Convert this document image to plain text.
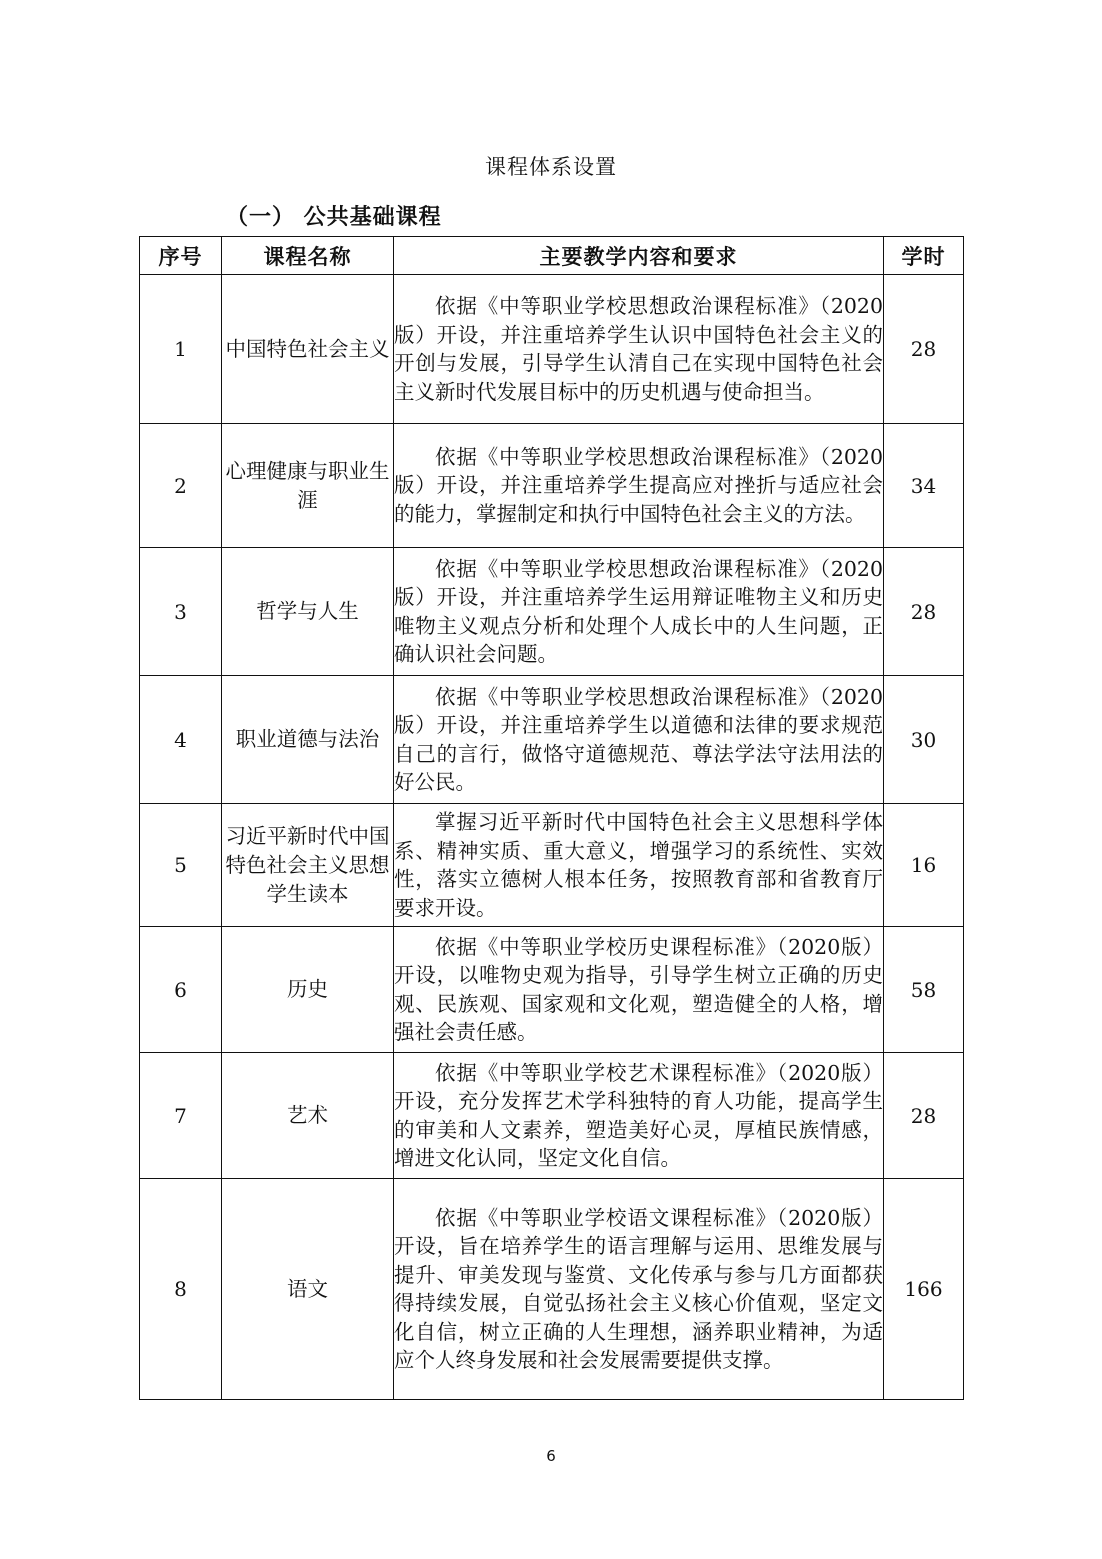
课程体系设置
（一） 公共基础课程
序号	课程名称	主要教学内容和要求	学时
1	中国特色社会主义	依据《中等职业学校思想政治课程标准》（2020版）开设，并注重培养学生认识中国特色社会主义的开创与发展，引导学生认清自己在实现中国特色社会主义新时代发展目标中的历史机遇与使命担当。	28
2	心理健康与职业生涯	依据《中等职业学校思想政治课程标准》（2020版）开设，并注重培养学生提高应对挫折与适应社会的能力，掌握制定和执行中国特色社会主义的方法。	34
3	哲学与人生	依据《中等职业学校思想政治课程标准》（2020版）开设，并注重培养学生运用辩证唯物主义和历史唯物主义观点分析和处理个人成长中的人生问题，正确认识社会问题。	28
4	职业道德与法治	依据《中等职业学校思想政治课程标准》（2020版）开设，并注重培养学生以道德和法律的要求规范自己的言行，做恪守道德规范、尊法学法守法用法的好公民。	30
5	习近平新时代中国特色社会主义思想学生读本	掌握习近平新时代中国特色社会主义思想科学体系、精神实质、重大意义，增强学习的系统性、实效性，落实立德树人根本任务，按照教育部和省教育厅要求开设。	16
6	历史	依据《中等职业学校历史课程标准》（2020版）开设，以唯物史观为指导，引导学生树立正确的历史观、民族观、国家观和文化观，塑造健全的人格，增强社会责任感。	58
7	艺术	依据《中等职业学校艺术课程标准》（2020版）开设，充分发挥艺术学科独特的育人功能，提高学生的审美和人文素养，塑造美好心灵，厚植民族情感，增进文化认同，坚定文化自信。	28
8	语文	依据《中等职业学校语文课程标准》（2020版）开设，旨在培养学生的语言理解与运用、思维发展与提升、审美发现与鉴赏、文化传承与参与几方面都获得持续发展，自觉弘扬社会主义核心价值观，坚定文化自信，树立正确的人生理想，涵养职业精神，为适应个人终身发展和社会发展需要提供支撑。	166
6
